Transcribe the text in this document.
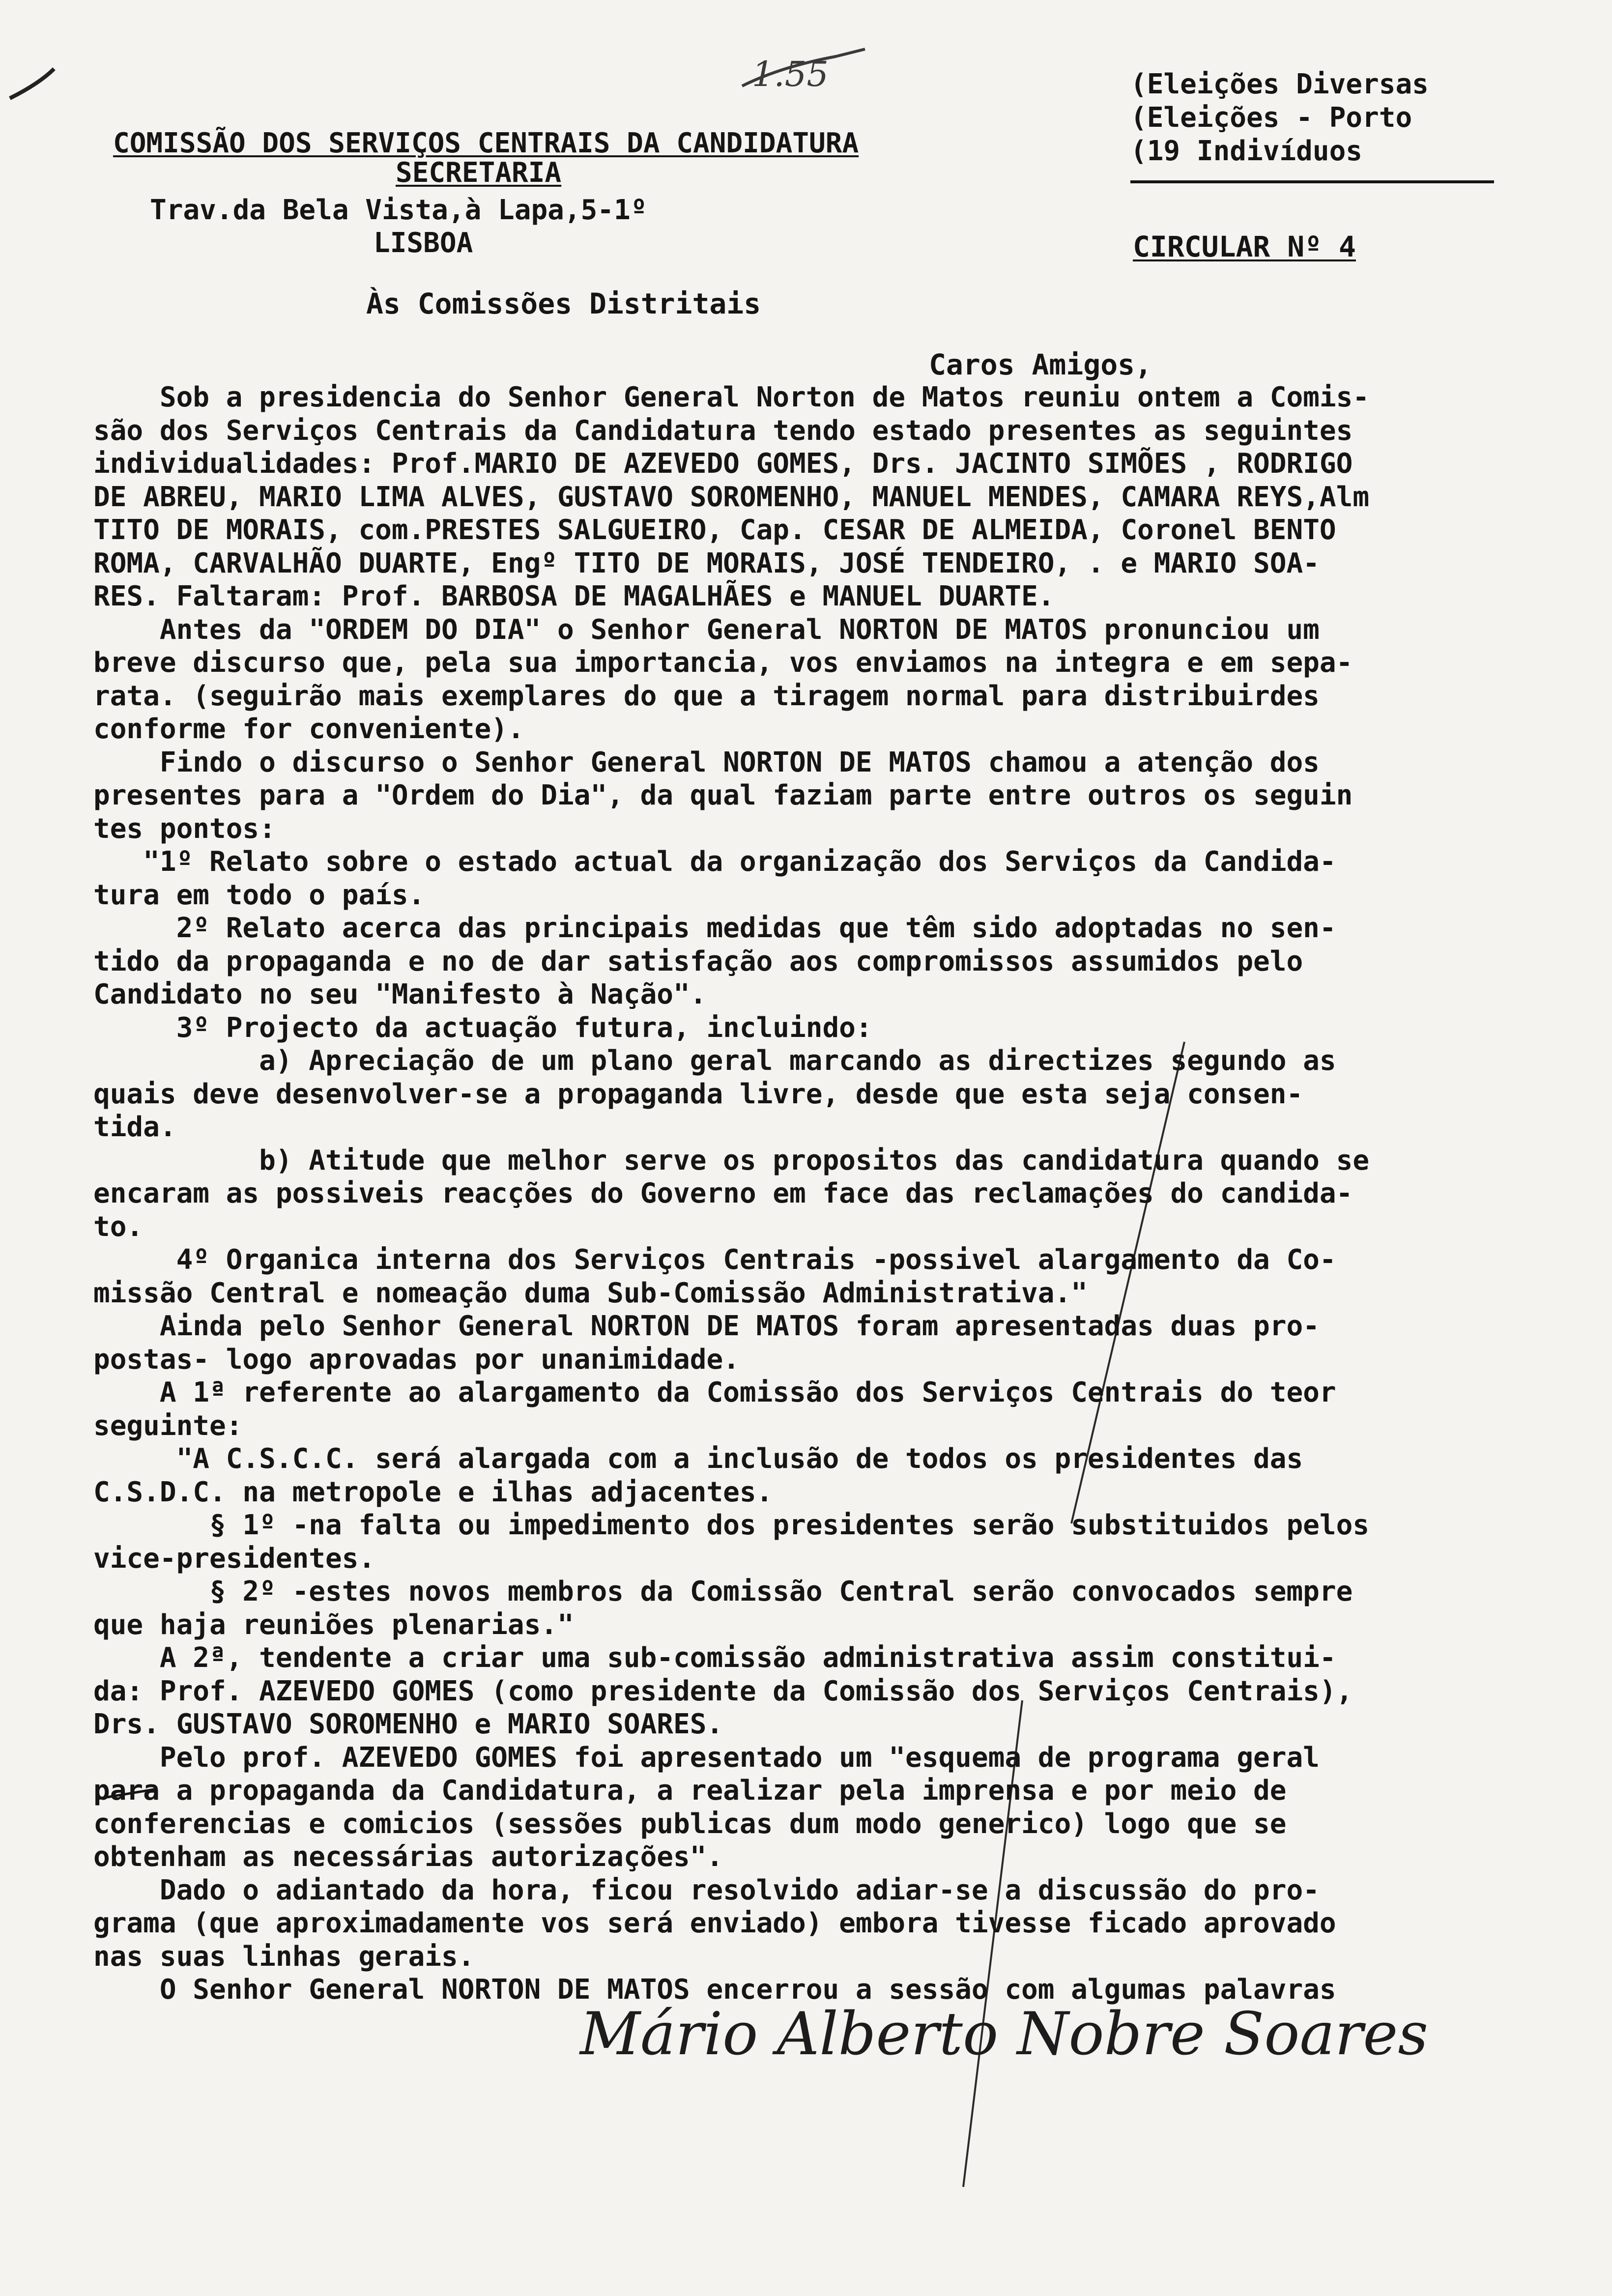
1.55
COMISSÃO DOS SERVIÇOS CENTRAIS DA CANDIDATURA
SECRETARIA
Trav.da Bela Vista,à Lapa,5-1º
LISBOA
Às Comissões Distritais
(Eleições Diversas
(Eleições - Porto
(19 Indivíduos
CIRCULAR Nº 4
Caros Amigos,
Sob a presidencia do Senhor General Norton de Matos reuniu ontem a Comis-
são dos Serviços Centrais da Candidatura tendo estado presentes as seguintes
individualidades: Prof.MARIO DE AZEVEDO GOMES, Drs. JACINTO SIMÕES , RODRIGO
DE ABREU, MARIO LIMA ALVES, GUSTAVO SOROMENHO, MANUEL MENDES, CAMARA REYS,Alm
TITO DE MORAIS, com.PRESTES SALGUEIRO, Cap. CESAR DE ALMEIDA, Coronel BENTO
ROMA, CARVALHÃO DUARTE, Engº TITO DE MORAIS, JOSÉ TENDEIRO, . e MARIO SOA-
RES. Faltaram: Prof. BARBOSA DE MAGALHÃES e MANUEL DUARTE.
Antes da "ORDEM DO DIA" o Senhor General NORTON DE MATOS pronunciou um
breve discurso que, pela sua importancia, vos enviamos na integra e em sepa-
rata. (seguirão mais exemplares do que a tiragem normal para distribuirdes
conforme for conveniente).
Findo o discurso o Senhor General NORTON DE MATOS chamou a atenção dos
presentes para a "Ordem do Dia", da qual faziam parte entre outros os seguin
tes pontos:
"1º Relato sobre o estado actual da organização dos Serviços da Candida-
tura em todo o país.
2º Relato acerca das principais medidas que têm sido adoptadas no sen-
tido da propaganda e no de dar satisfação aos compromissos assumidos pelo
Candidato no seu "Manifesto à Nação".
3º Projecto da actuação futura, incluindo:
a) Apreciação de um plano geral marcando as directizes segundo as
quais deve desenvolver-se a propaganda livre, desde que esta seja consen-
tida.
b) Atitude que melhor serve os propositos das candidatura quando se
encaram as possiveis reacções do Governo em face das reclamações do candida-
to.
4º Organica interna dos Serviços Centrais -possivel alargamento da Co-
missão Central e nomeação duma Sub-Comissão Administrativa."
Ainda pelo Senhor General NORTON DE MATOS foram apresentadas duas pro-
postas- logo aprovadas por unanimidade.
A 1ª referente ao alargamento da Comissão dos Serviços Centrais do teor
seguinte:
"A C.S.C.C. será alargada com a inclusão de todos os presidentes das
C.S.D.C. na metropole e ilhas adjacentes.
§ 1º -na falta ou impedimento dos presidentes serão substituidos pelos
vice-presidentes.
§ 2º -estes novos membros da Comissão Central serão convocados sempre
que haja reuniões plenarias."
A 2ª, tendente a criar uma sub-comissão administrativa assim constitui-
da: Prof. AZEVEDO GOMES (como presidente da Comissão dos Serviços Centrais),
Drs. GUSTAVO SOROMENHO e MARIO SOARES.
Pelo prof. AZEVEDO GOMES foi apresentado um "esquema de programa geral
para a propaganda da Candidatura, a realizar pela imprensa e por meio de
conferencias e comicios (sessões publicas dum modo generico) logo que se
obtenham as necessárias autorizações".
Dado o adiantado da hora, ficou resolvido adiar-se a discussão do pro-
grama (que aproximadamente vos será enviado) embora tivesse ficado aprovado
nas suas linhas gerais.
O Senhor General NORTON DE MATOS encerrou a sessão com algumas palavras
Mário Alberto Nobre Soares
